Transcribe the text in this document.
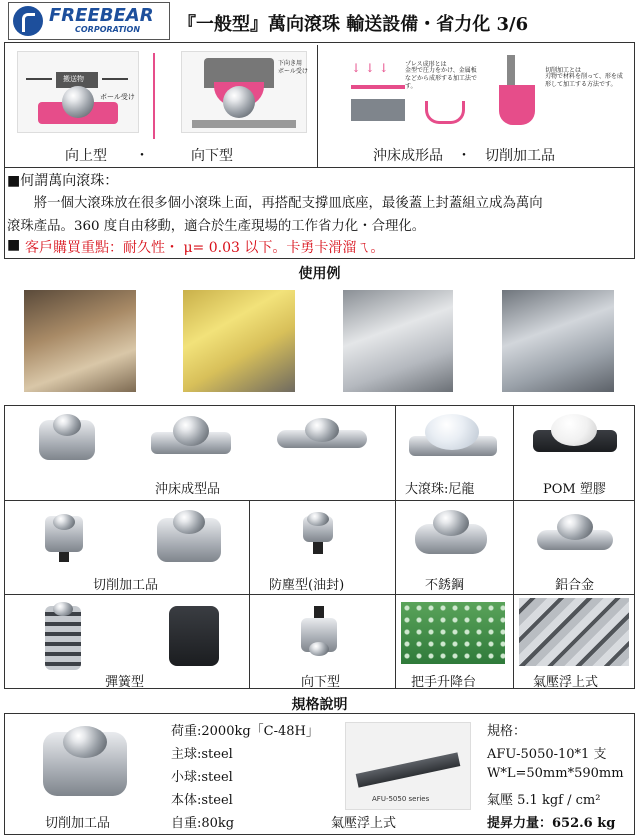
FREEBEAR
CORPORATION 『一般型』萬向滾珠 輸送設備・省力化 3/6
搬送物
ボール受け
下向き用
ボール受け	↓ ↓ ↓	プレス成形とは
金型で圧力をかけ、金属板などから成形する加工法です。
切削加工とは
刃物で材料を削って、形を成形して加工する方法です。
向上型　　・　　　向下型	沖床成形品　・　切削加工品
■何謂萬向滾珠：
　　將一個大滾珠放在很多個小滾珠上面，再搭配支撐皿底座，最後蓋上封蓋組立成為萬向
滾珠產品。360 度自由移動，適合於生產現場的工作省力化・合理化。
■ 客戶購買重點：耐久性・ μ= 0.03 以下。卡勇卡滑溜ㄟ。
使用例
沖床成型品	大滾珠:尼龍	POM 塑膠
切削加工品	防塵型(油封)	不銹鋼	鋁合金
彈簧型	向下型	把手升降台	氣壓浮上式
規格說明
切削加工品
荷重:2000kg「C-48H」
主球:steel
小球:steel
本体:steel
自重:80kg
AFU-5050 series
氣壓浮上式
規格：
AFU-5050-10*1 支
W*L=50mm*590mm
氣壓 5.1 kgf / cm²
提昇力量：652.6 kg
